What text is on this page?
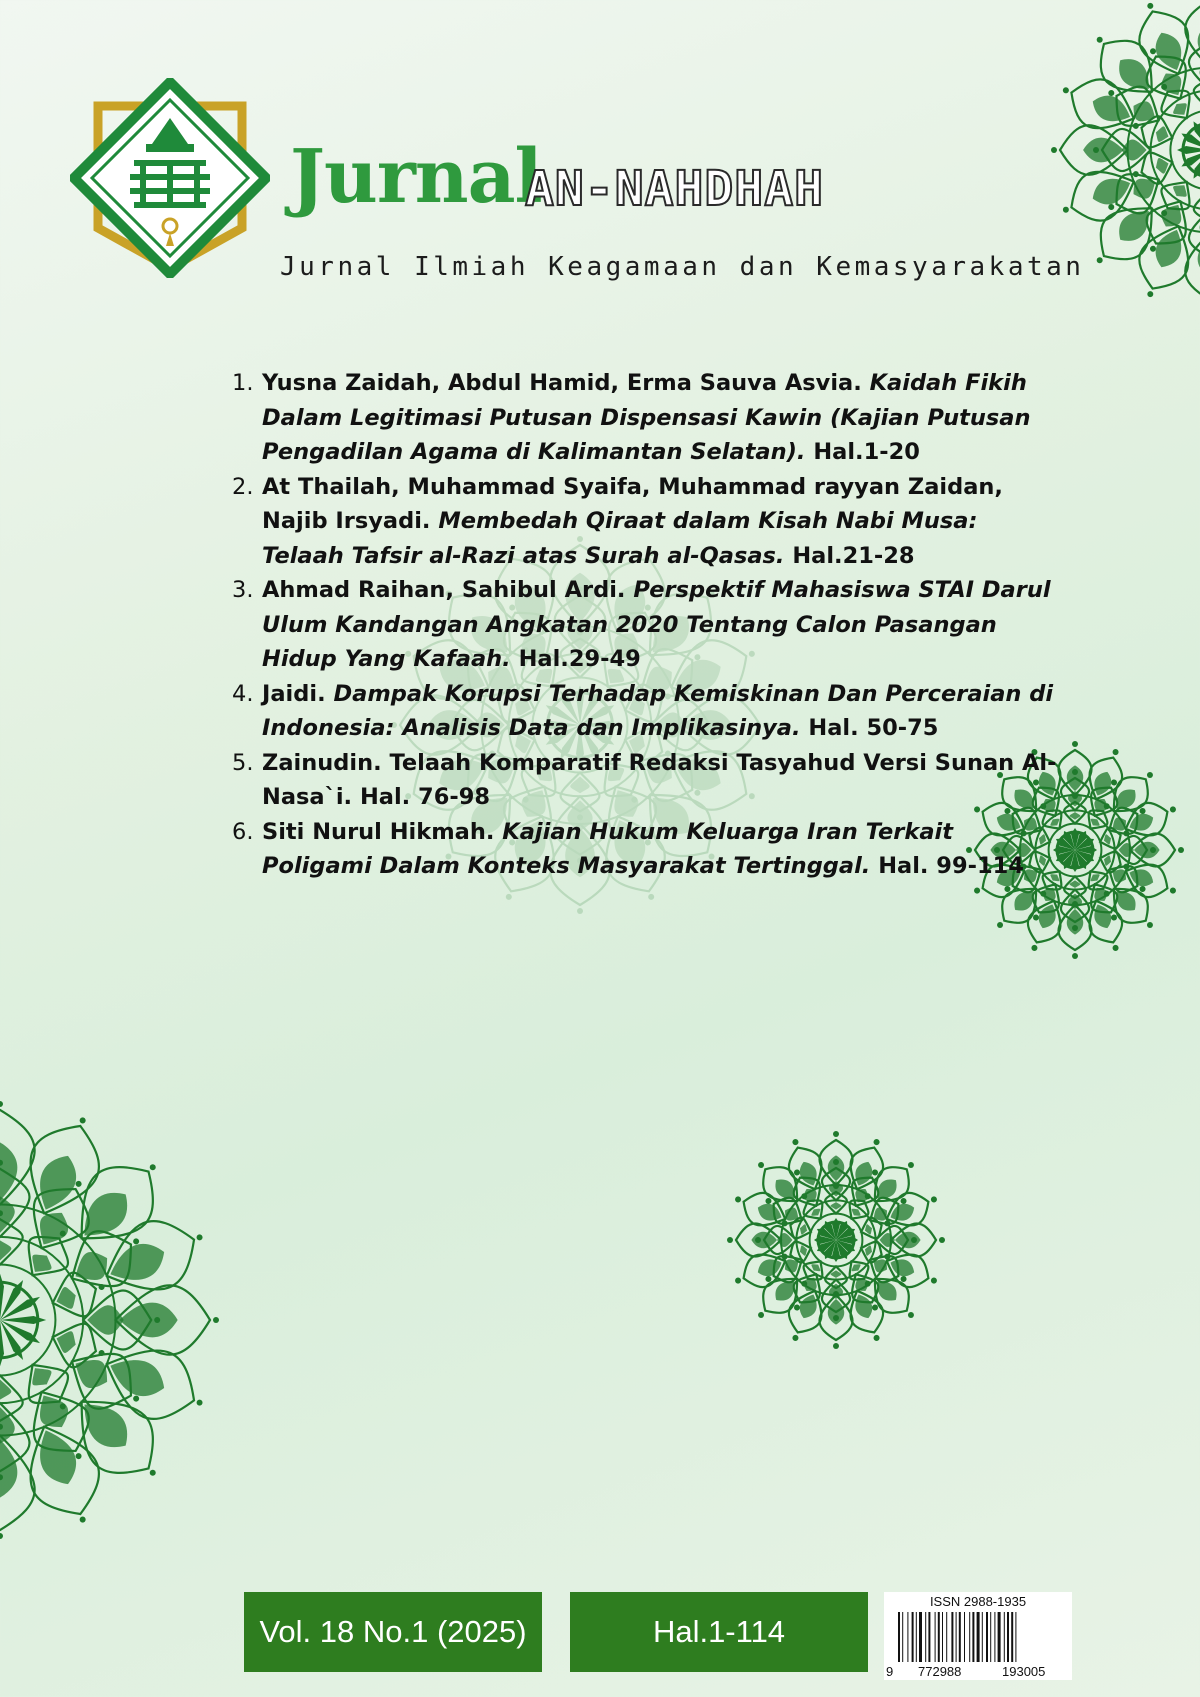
Jurnal
AN-NAHDHAH
Jurnal Ilmiah Keagamaan dan Kemasyarakatan
1. Yusna Zaidah, Abdul Hamid, Erma Sauva Asvia. Kaidah Fikih Dalam Legitimasi Putusan Dispensasi Kawin (Kajian Putusan Pengadilan Agama di Kalimantan Selatan). Hal.1-20
2. At Thailah, Muhammad Syaifa, Muhammad rayyan Zaidan, Najib Irsyadi. Membedah Qiraat dalam Kisah Nabi Musa: Telaah Tafsir al-Razi atas Surah al-Qasas. Hal.21-28
3. Ahmad Raihan, Sahibul Ardi. Perspektif Mahasiswa STAI Darul Ulum Kandangan Angkatan 2020 Tentang Calon Pasangan Hidup Yang Kafaah. Hal.29-49
4. Jaidi. Dampak Korupsi Terhadap Kemiskinan Dan Perceraian di Indonesia: Analisis Data dan Implikasinya. Hal. 50-75
5. Zainudin. Telaah Komparatif Redaksi Tasyahud Versi Sunan Al-Nasa`i. Hal. 76-98
6. Siti Nurul Hikmah. Kajian Hukum Keluarga Iran Terkait Poligami Dalam Konteks Masyarakat Tertinggal. Hal. 99-114
Vol. 18 No.1 (2025)	Hal.1-114
ISSN 2988-1935
9 772988	193005
